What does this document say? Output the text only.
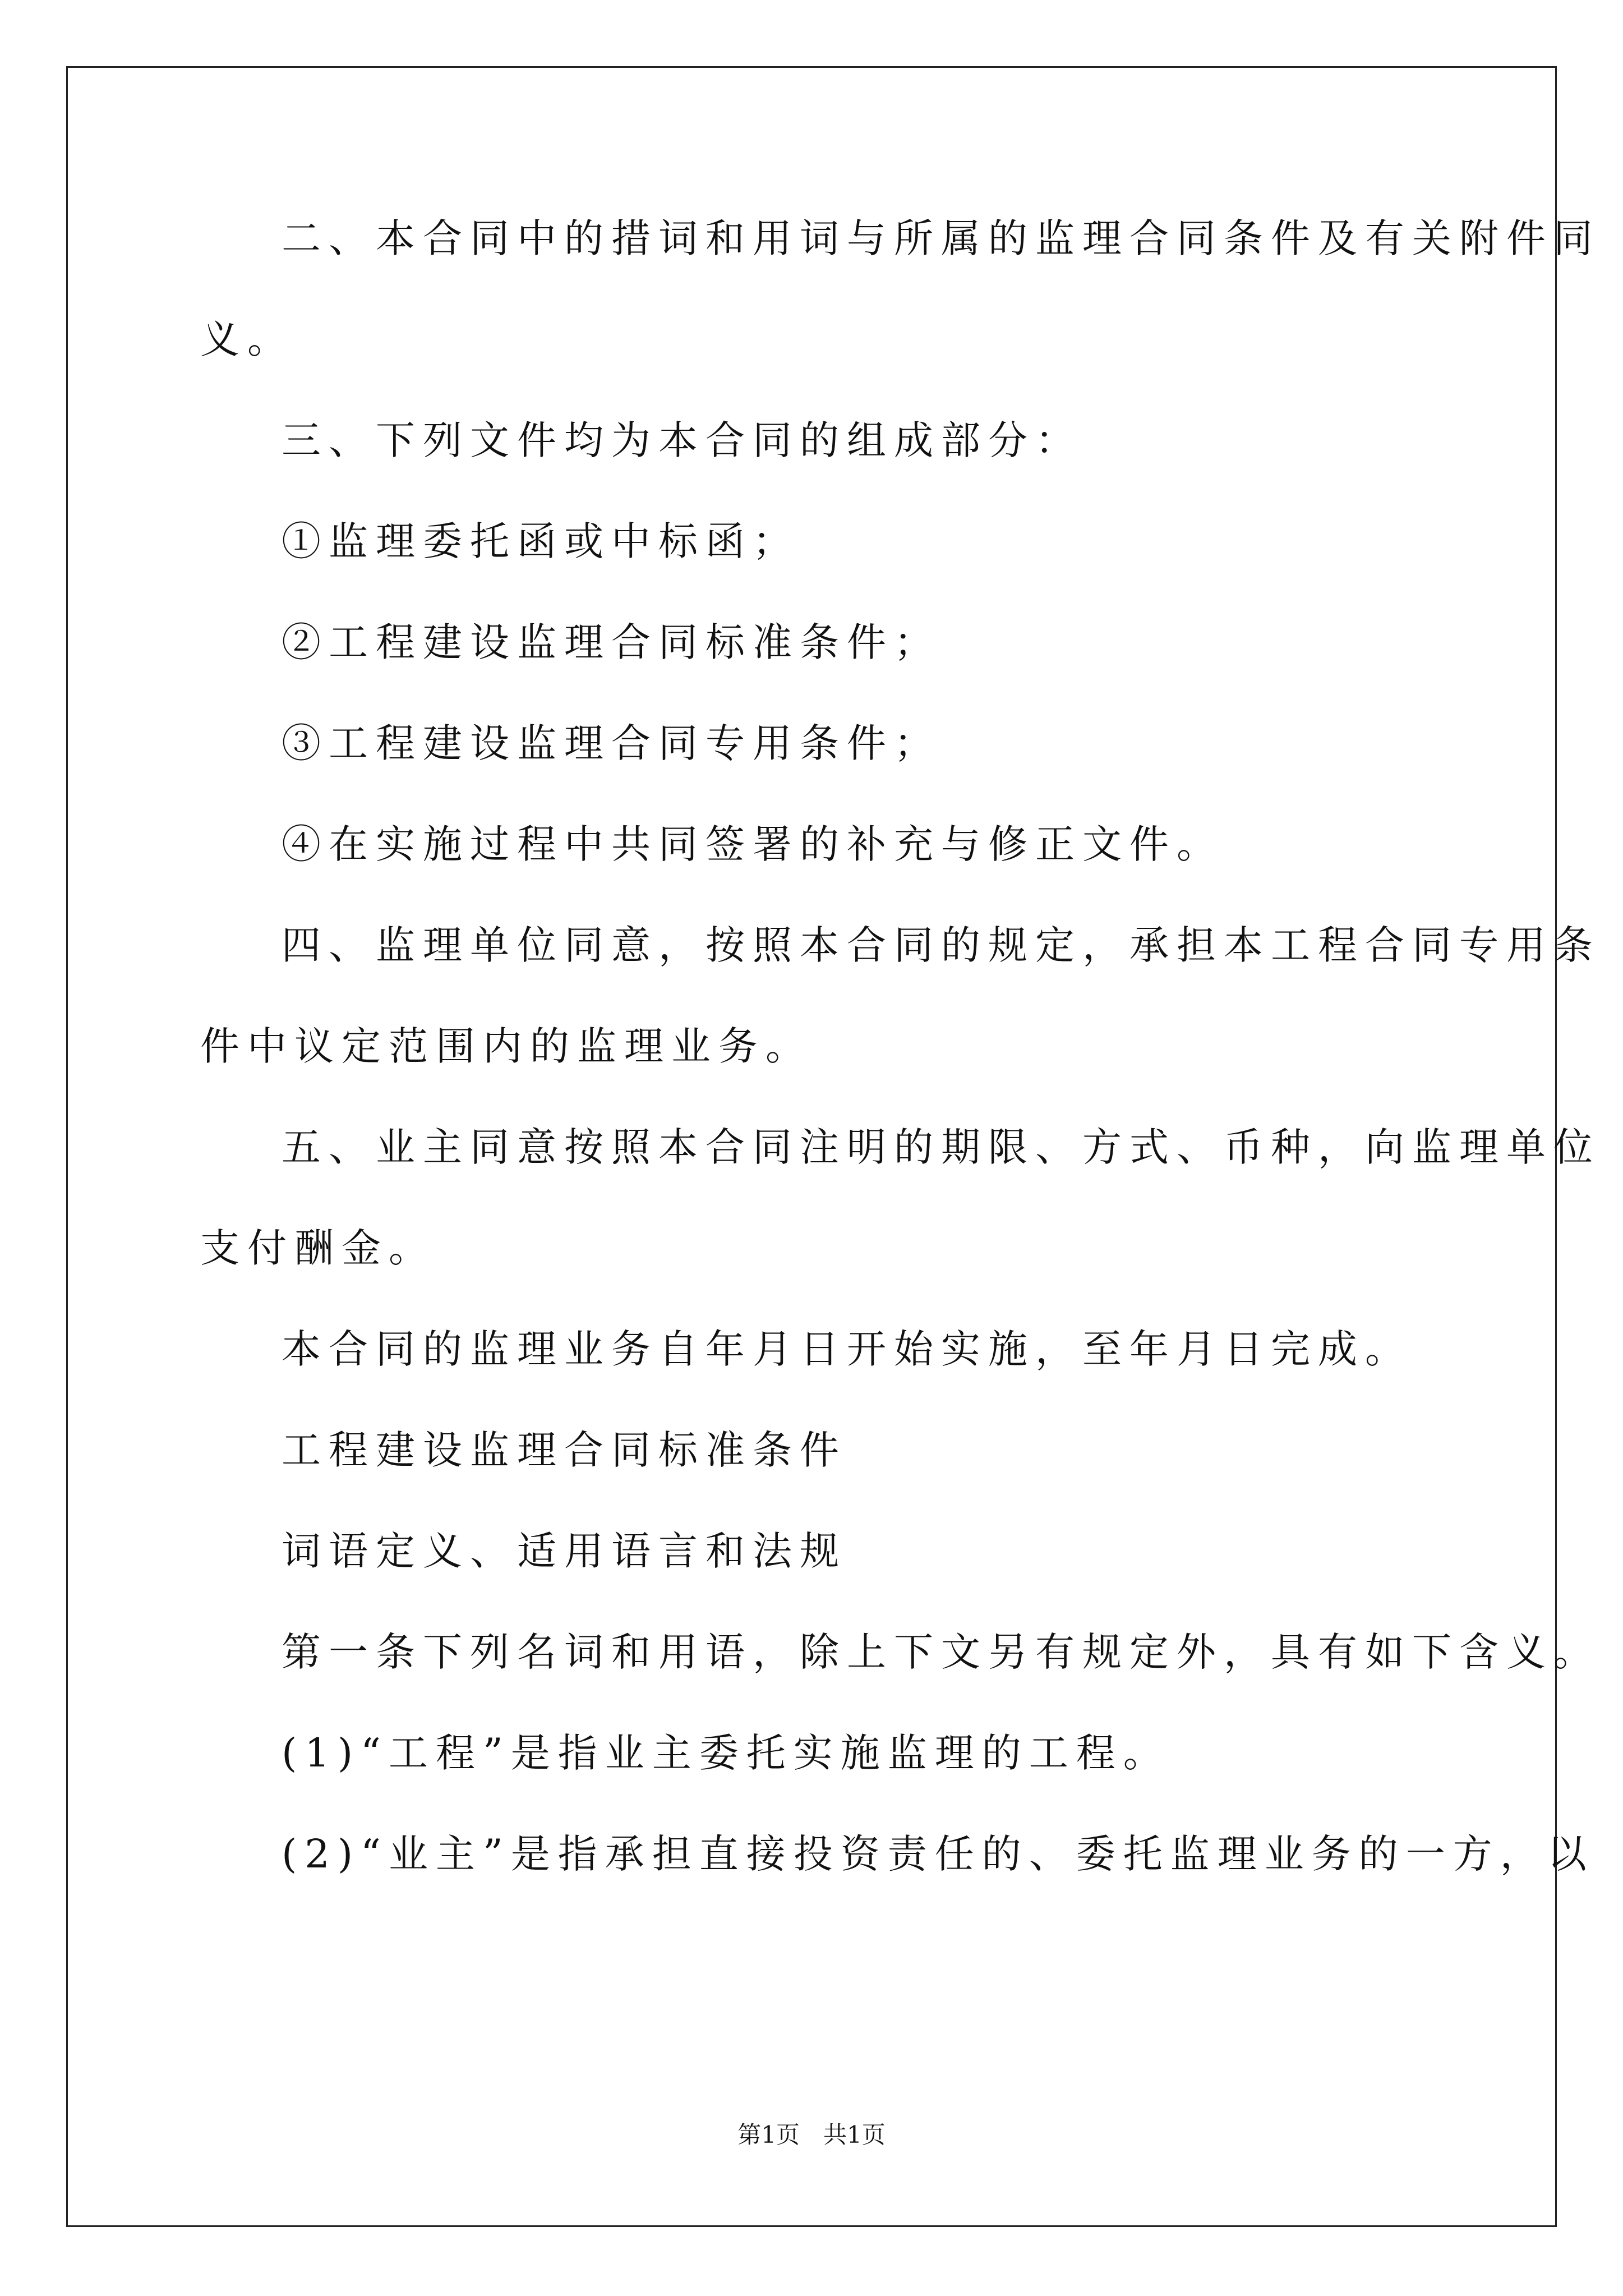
二、本合同中的措词和用词与所属的监理合同条件及有关附件同
义。
三、下列文件均为本合同的组成部分：
①监理委托函或中标函；
②工程建设监理合同标准条件；
③工程建设监理合同专用条件；
④在实施过程中共同签署的补充与修正文件。
四、监理单位同意，按照本合同的规定，承担本工程合同专用条
件中议定范围内的监理业务。
五、业主同意按照本合同注明的期限、方式、币种，向监理单位
支付酬金。
本合同的监理业务自年月日开始实施，至年月日完成。
工程建设监理合同标准条件
词语定义、适用语言和法规
第一条下列名词和用语，除上下文另有规定外，具有如下含义。
(1)“工程”是指业主委托实施监理的工程。
(2)“业主”是指承担直接投资责任的、委托监理业务的一方，以
第1页　共1页
